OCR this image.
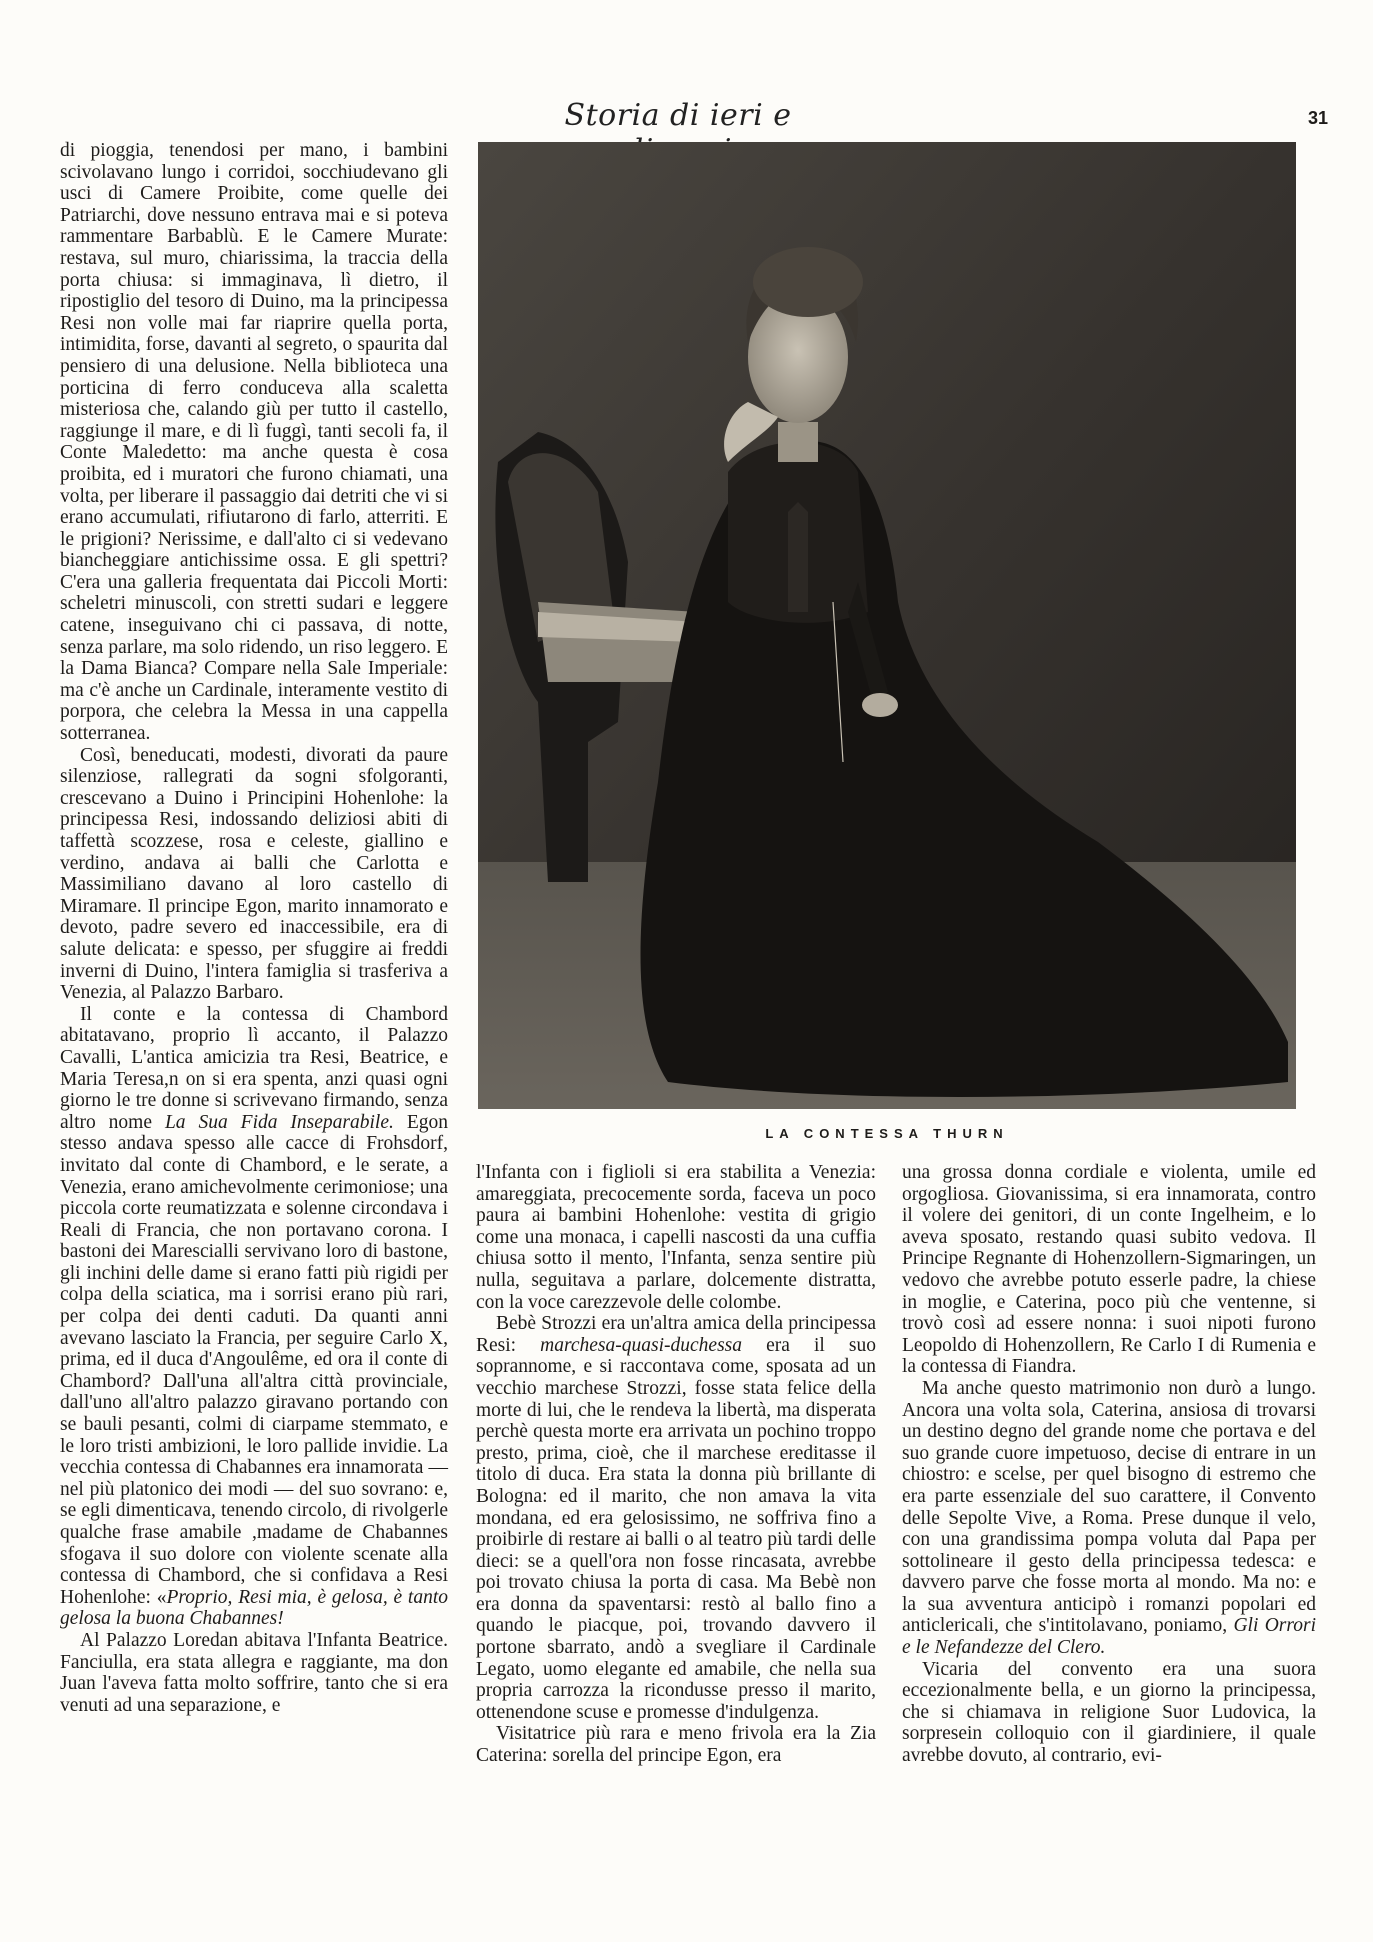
Storia di ieri e	31

di pioggia, tenendosi per mano, i bambini scivolavano lungo i corridoi, socchiudevano gli usci di Camere Proibite, come quelle dei Patriarchi, dove nessuno entrava mai e si poteva rammentare Barbablù. E le Camere Murate: restava, sul muro, chiarissima, la traccia della porta chiusa: si immaginava, lì dietro, il ripostiglio del tesoro di Duino, ma la principessa Resi non volle mai far riaprire quella porta, intimidita, forse, davanti al segreto, o spaurita dal pensiero di una delusione. Nella biblioteca una porticina di ferro conduceva alla scaletta misteriosa che, calando giù per tutto il castello, raggiunge il mare, e di lì fuggì, tanti secoli fa, il Conte Maledetto: ma anche questa è cosa proibita, ed i muratori che furono chiamati, una volta, per liberare il passaggio dai detriti che vi si erano accumulati, rifiutarono di farlo, atterriti. E le prigioni? Nerissime, e dall'alto ci si vedevano biancheggiare antichissime ossa. E gli spettri? C'era una galleria frequentata dai Piccoli Morti: scheletri minuscoli, con stretti sudari e leggere catene, inseguivano chi ci passava, di notte, senza parlare, ma solo ridendo, un riso leggero. E la Dama Bianca? Compare nella Sale Imperiale: ma c'è anche un Cardinale, interamente vestito di porpora, che celebra la Messa in una cappella sotterranea.

Così, beneducati, modesti, divorati da paure silenziose, rallegrati da sogni sfolgoranti, crescevano a Duino i Principini Hohenlohe: la principessa Resi, indossando deliziosi abiti di taffettà scozzese, rosa e celeste, giallino e verdino, andava ai balli che Carlotta e Massimiliano davano al loro castello di Miramare. Il principe Egon, marito innamorato e devoto, padre severo ed inaccessibile, era di salute delicata: e spesso, per sfuggire ai freddi inverni di Duino, l'intera famiglia si trasferiva a Venezia, al Palazzo Barbaro.

Il conte e la contessa di Chambord abitatavano, proprio lì accanto, il Palazzo Cavalli, L'antica amicizia tra Resi, Beatrice, e Maria Teresa,n on si era spenta, anzi quasi ogni giorno le tre donne si scrivevano firmando, senza altro nome La Sua Fida Inseparabile. Egon stesso andava spesso alle cacce di Frohsdorf, invitato dal conte di Chambord, e le serate, a Venezia, erano amichevolmente cerimoniose; una piccola corte reumatizzata e solenne circondava i Reali di Francia, che non portavano corona. I bastoni dei Marescialli servivano loro di bastone, gli inchini delle dame si erano fatti più rigidi per colpa della sciatica, ma i sorrisi erano più rari, per colpa dei denti caduti. Da quanti anni avevano lasciato la Francia, per seguire Carlo X, prima, ed il duca d'Angoulême, ed ora il conte di Chambord? Dall'una all'altra città provinciale, dall'uno all'altro palazzo giravano portando con se bauli pesanti, colmi di ciarpame stemmato, e le loro tristi ambizioni, le loro pallide invidie. La vecchia contessa di Chabannes era innamorata — nel più platonico dei modi — del suo sovrano: e, se egli dimenticava, tenendo circolo, di rivolgerle qualche frase amabile ,madame de Chabannes sfogava il suo dolore con violente scenate alla contessa di Chambord, che si confidava a Resi Hohenlohe: «Proprio, Resi mia, è gelosa, è tanto gelosa la buona Chabannes!

Al Palazzo Loredan abitava l'Infanta Beatrice. Fanciulla, era stata allegra e raggiante, ma don Juan l'aveva fatta molto soffrire, tanto che si era venuti ad una separazione, e

LA CONTESSA THURN

l'Infanta con i figlioli si era stabilita a Venezia: amareggiata, precocemente sorda, faceva un poco paura ai bambini Hohenlohe: vestita di grigio come una monaca, i capelli nascosti da una cuffia chiusa sotto il mento, l'Infanta, senza sentire più nulla, seguitava a parlare, dolcemente distratta, con la voce carezzevole delle colombe.

Bebè Strozzi era un'altra amica della principessa Resi: marchesa-quasi-duchessa era il suo soprannome, e si raccontava come, sposata ad un vecchio marchese Strozzi, fosse stata felice della morte di lui, che le rendeva la libertà, ma disperata perchè questa morte era arrivata un pochino troppo presto, prima, cioè, che il marchese ereditasse il titolo di duca. Era stata la donna più brillante di Bologna: ed il marito, che non amava la vita mondana, ed era gelosissimo, ne soffriva fino a proibirle di restare ai balli o al teatro più tardi delle dieci: se a quell'ora non fosse rincasata, avrebbe poi trovato chiusa la porta di casa. Ma Bebè non era donna da spaventarsi: restò al ballo fino a quando le piacque, poi, trovando davvero il portone sbarrato, andò a svegliare il Cardinale Legato, uomo elegante ed amabile, che nella sua propria carrozza la ricondusse presso il marito, ottenendone scuse e promesse d'indulgenza.

Visitatrice più rara e meno frivola era la Zia Caterina: sorella del principe Egon, era

una grossa donna cordiale e violenta, umile ed orgogliosa. Giovanissima, si era innamorata, contro il volere dei genitori, di un conte Ingelheim, e lo aveva sposato, restando quasi subito vedova. Il Principe Regnante di Hohenzollern-Sigmaringen, un vedovo che avrebbe potuto esserle padre, la chiese in moglie, e Caterina, poco più che ventenne, si trovò così ad essere nonna: i suoi nipoti furono Leopoldo di Hohenzollern, Re Carlo I di Rumenia e la contessa di Fiandra.

Ma anche questo matrimonio non durò a lungo. Ancora una volta sola, Caterina, ansiosa di trovarsi un destino degno del grande nome che portava e del suo grande cuore impetuoso, decise di entrare in un chiostro: e scelse, per quel bisogno di estremo che era parte essenziale del suo carattere, il Convento delle Sepolte Vive, a Roma. Prese dunque il velo, con una grandissima pompa voluta dal Papa per sottolineare il gesto della principessa tedesca: e davvero parve che fosse morta al mondo. Ma no: e la sua avventura anticipò i romanzi popolari ed anticlericali, che s'intitolavano, poniamo, Gli Orrori e le Nefandezze del Clero.

Vicaria del convento era una suora eccezionalmente bella, e un giorno la principessa, che si chiamava in religione Suor Ludovica, la sorpresein colloquio con il giardiniere, il quale avrebbe dovuto, al contrario, evi-
